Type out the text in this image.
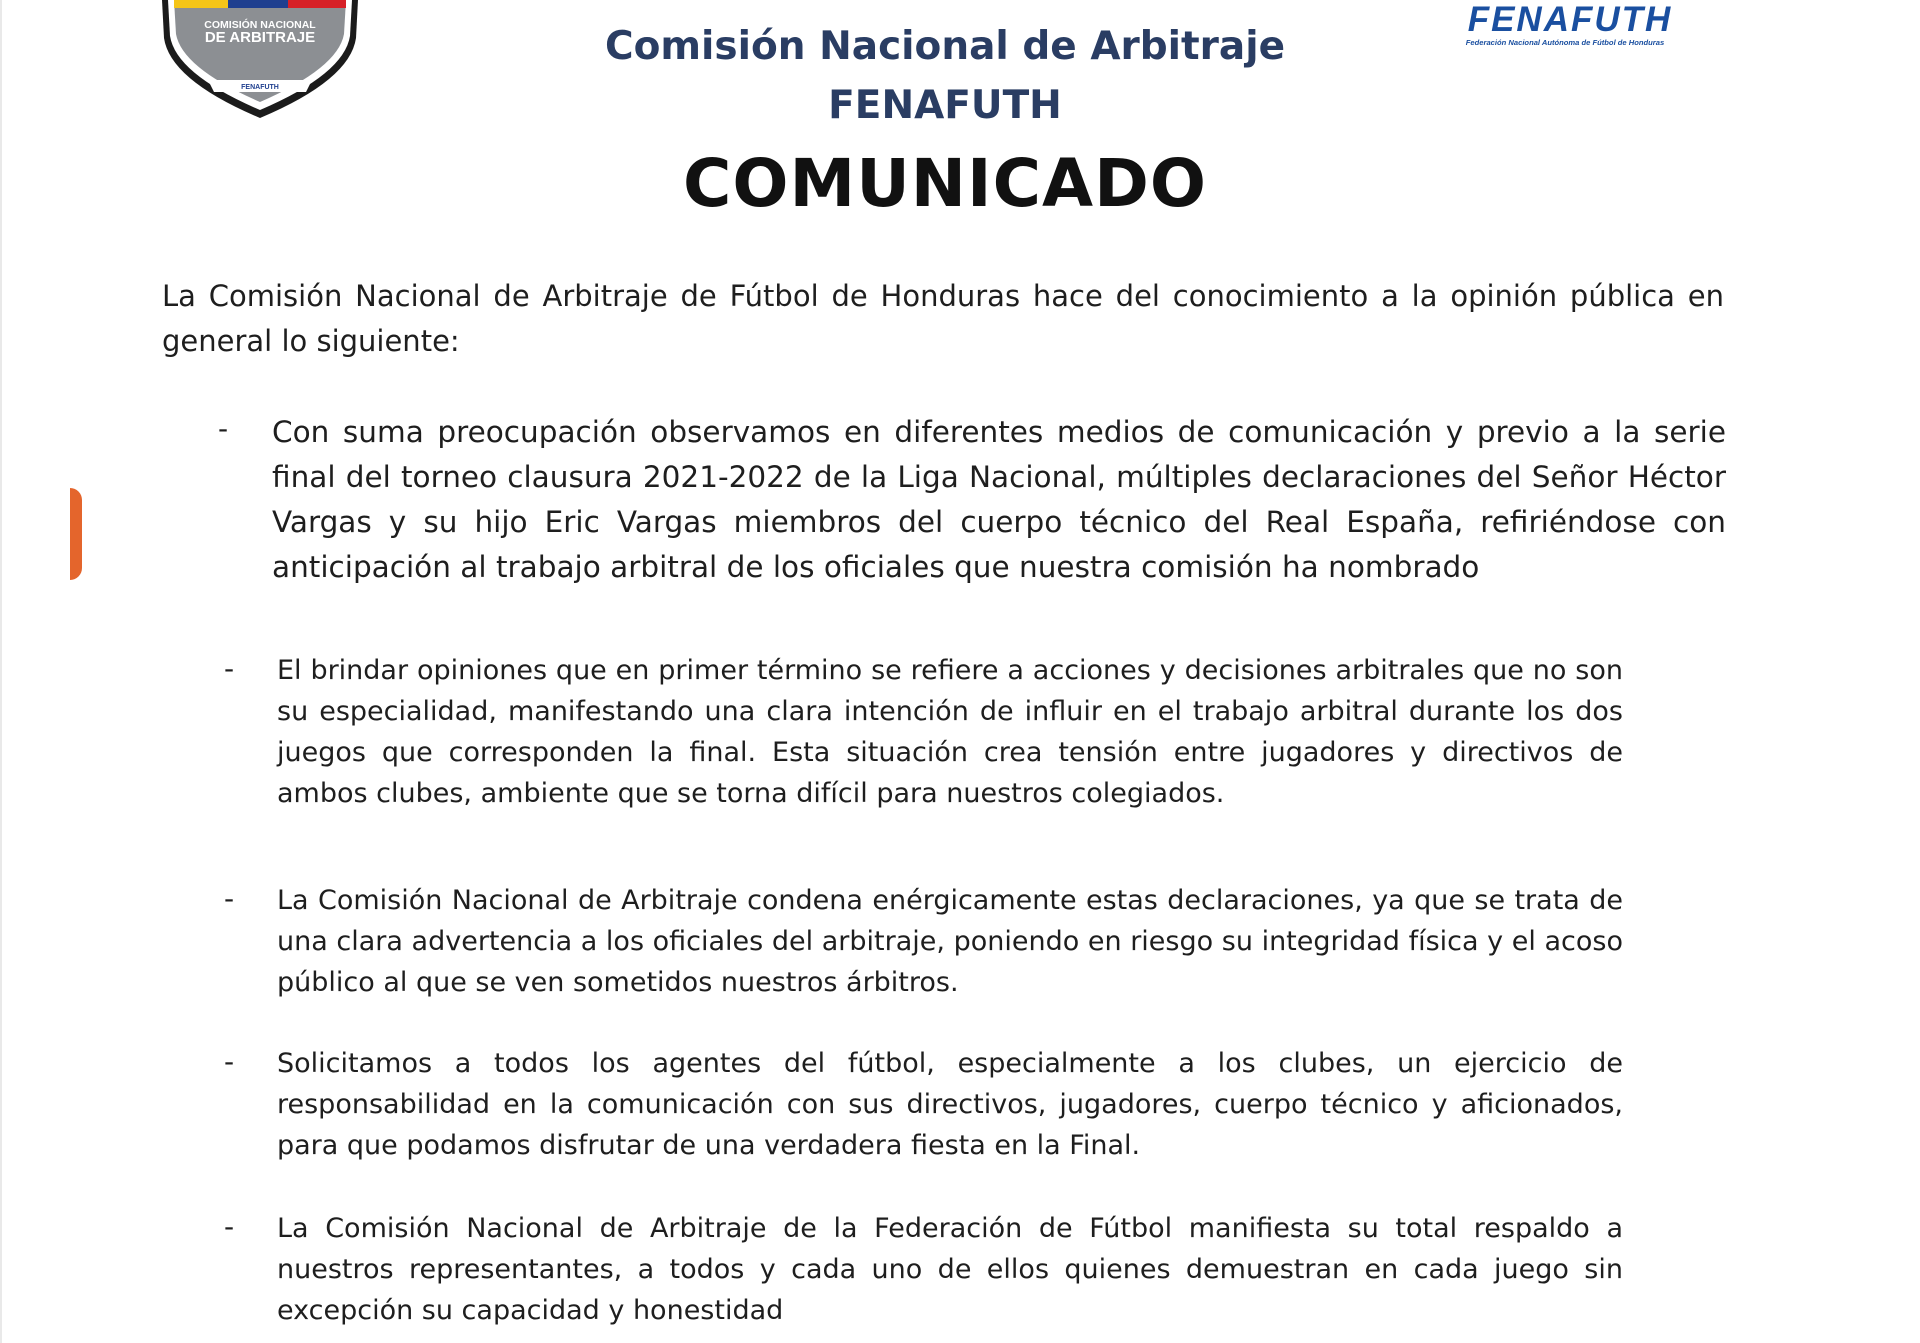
COMISIÓN NACIONAL
DE ARBITRAJE
FENAFUTH
FENAFUTH
Federación Nacional Autónoma de Fútbol de Honduras
Comisión Nacional de Arbitraje
FENAFUTH
COMUNICADO

La Comisión Nacional de Arbitraje de Fútbol de Honduras hace del conocimiento a la opinión pública en general lo siguiente:

- Con suma preocupación observamos en diferentes medios de comunicación y previo a la serie final del torneo clausura 2021-2022 de la Liga Nacional, múltiples declaraciones del Señor Héctor Vargas y su hijo Eric Vargas miembros del cuerpo técnico del Real España, refiriéndose con anticipación al trabajo arbitral de los oficiales que nuestra comisión ha nombrado

- El brindar opiniones que en primer término se refiere a acciones y decisiones arbitrales que no son su especialidad, manifestando una clara intención de influir en el trabajo arbitral durante los dos juegos que corresponden la final. Esta situación crea tensión entre jugadores y directivos de ambos clubes, ambiente que se torna difícil para nuestros colegiados.

- La Comisión Nacional de Arbitraje condena enérgicamente estas declaraciones, ya que se trata de una clara advertencia a los oficiales del arbitraje, poniendo en riesgo su integridad física y el acoso público al que se ven sometidos nuestros árbitros.

- Solicitamos a todos los agentes del fútbol, especialmente a los clubes, un ejercicio de responsabilidad en la comunicación con sus directivos, jugadores, cuerpo técnico y aficionados, para que podamos disfrutar de una verdadera fiesta en la Final.

- La Comisión Nacional de Arbitraje de la Federación de Fútbol manifiesta su total respaldo a nuestros representantes, a todos y cada uno de ellos quienes demuestran en cada juego sin excepción su capacidad y honestidad
